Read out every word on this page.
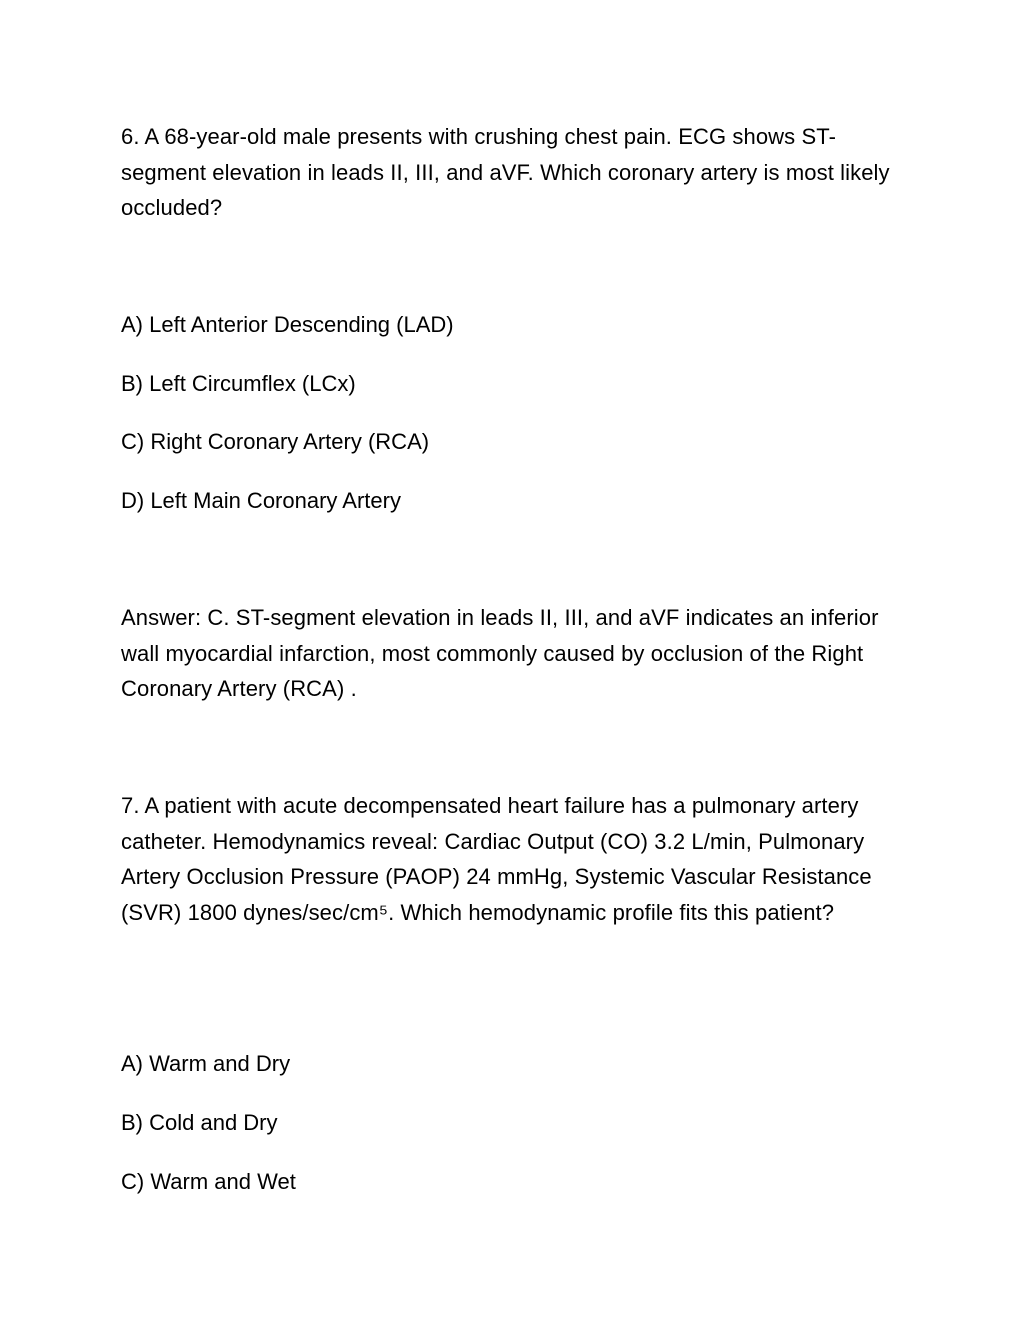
6. A 68-year-old male presents with crushing chest pain. ECG shows ST-segment elevation in leads II, III, and aVF. Which coronary artery is most likely occluded?

A) Left Anterior Descending (LAD)

B) Left Circumflex (LCx)

C) Right Coronary Artery (RCA)

D) Left Main Coronary Artery

Answer: C. ST-segment elevation in leads II, III, and aVF indicates an inferior wall myocardial infarction, most commonly caused by occlusion of the Right Coronary Artery (RCA) .

7. A patient with acute decompensated heart failure has a pulmonary artery catheter. Hemodynamics reveal: Cardiac Output (CO) 3.2 L/min, Pulmonary Artery Occlusion Pressure (PAOP) 24 mmHg, Systemic Vascular Resistance (SVR) 1800 dynes/sec/cm⁵. Which hemodynamic profile fits this patient?

A) Warm and Dry

B) Cold and Dry

C) Warm and Wet
